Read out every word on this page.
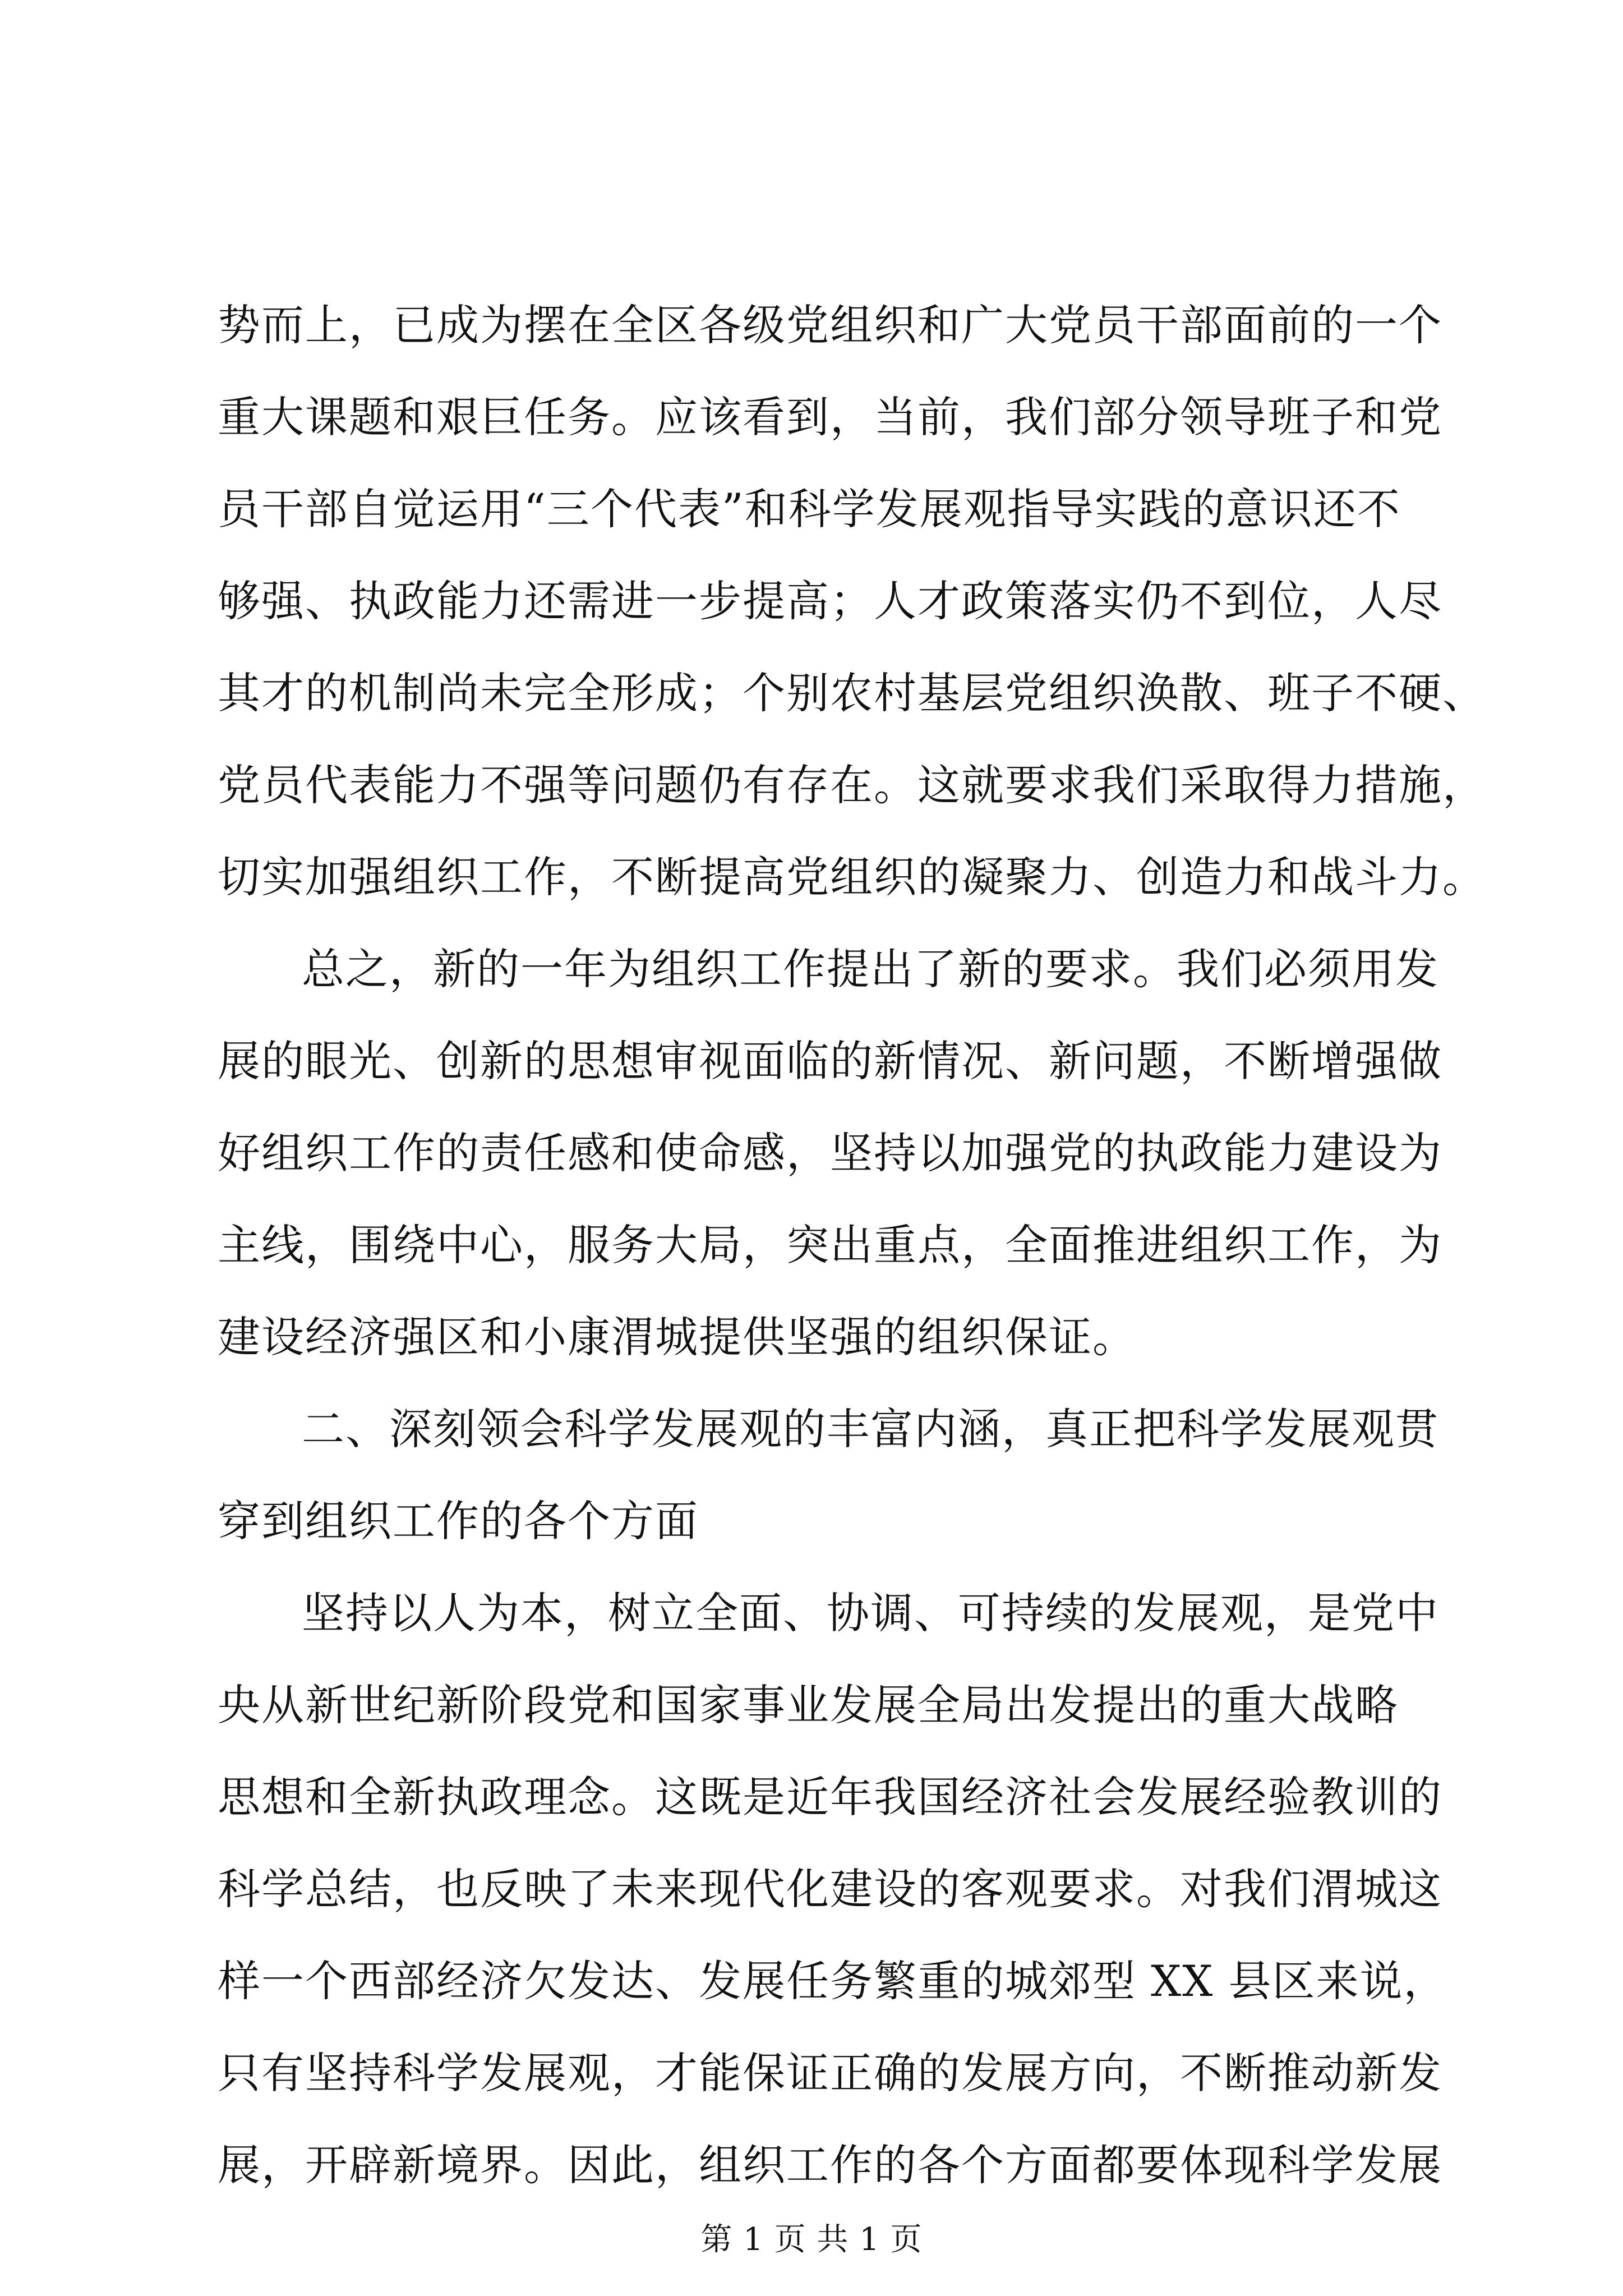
势而上，已成为摆在全区各级党组织和广大党员干部面前的一个
重大课题和艰巨任务。应该看到，当前，我们部分领导班子和党
员干部自觉运用“三个代表”和科学发展观指导实践的意识还不
够强、执政能力还需进一步提高；人才政策落实仍不到位，人尽
其才的机制尚未完全形成；个别农村基层党组织涣散、班子不硬、
党员代表能力不强等问题仍有存在。这就要求我们采取得力措施，
切实加强组织工作，不断提高党组织的凝聚力、创造力和战斗力。
总之，新的一年为组织工作提出了新的要求。我们必须用发
展的眼光、创新的思想审视面临的新情况、新问题，不断增强做
好组织工作的责任感和使命感，坚持以加强党的执政能力建设为
主线，围绕中心，服务大局，突出重点，全面推进组织工作，为
建设经济强区和小康渭城提供坚强的组织保证。
二、深刻领会科学发展观的丰富内涵，真正把科学发展观贯
穿到组织工作的各个方面
坚持以人为本，树立全面、协调、可持续的发展观，是党中
央从新世纪新阶段党和国家事业发展全局出发提出的重大战略
思想和全新执政理念。这既是近年我国经济社会发展经验教训的
科学总结，也反映了未来现代化建设的客观要求。对我们渭城这
样一个西部经济欠发达、发展任务繁重的城郊型 XX 县区来说，
只有坚持科学发展观，才能保证正确的发展方向，不断推动新发
展，开辟新境界。因此，组织工作的各个方面都要体现科学发展
第 1 页 共 1 页
